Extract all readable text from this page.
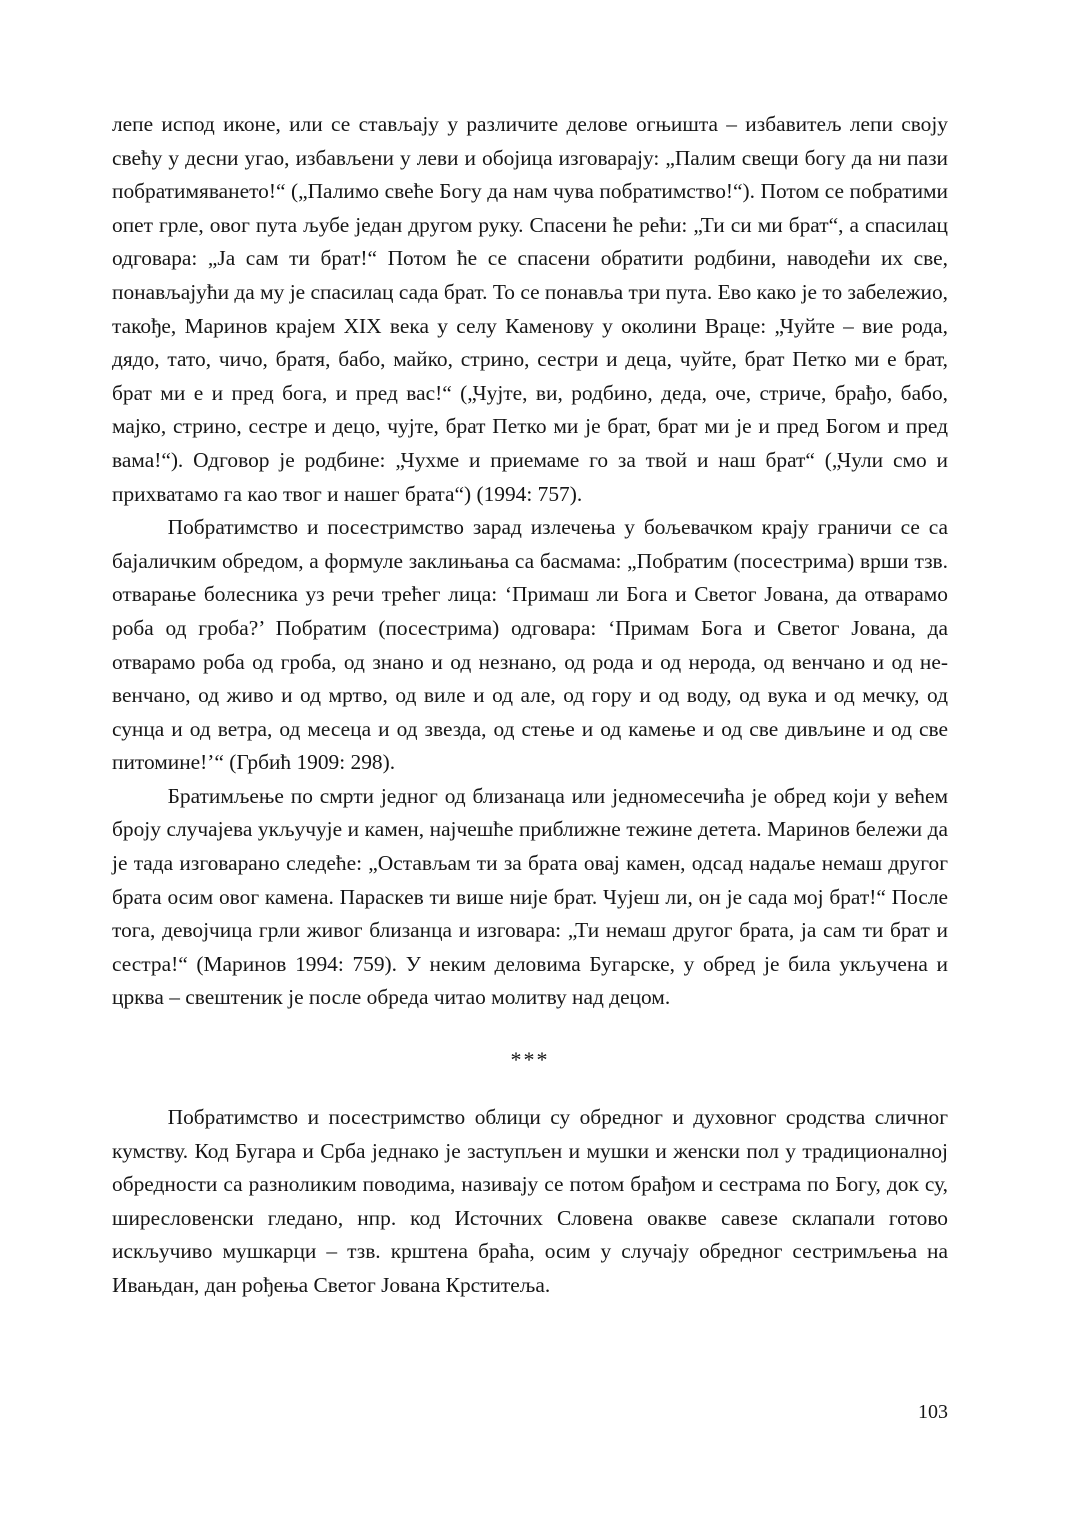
лепе испод иконе, или се стављају у различите делове огњишта – избавитељ лепи своју свећу у десни угао, избављени у леви и обојица изговарају: „Палим свещи богу да ни пази побратимяването!“ („Палимо свеће Богу да нам чува побратимство!“). Потом се побратими опет грле, овог пута љубе један другом руку. Спасени ће рећи: „Ти си ми брат“, а спасилац одговара: „Ја сам ти брат!“ Потом ће се спасени обратити родбини, наводећи их све, понављајући да му је спасилац сада брат. То се понавља три пута. Ево како је то забележио, такође, Маринов крајем XIX века у селу Каменову у околини Враце: „Чуйте – вие рода, дядо, тато, чичо, братя, бабо, майко, стрино, сестри и деца, чуйте, брат Петко ми е брат, брат ми е и пред бога, и пред вас!“ („Чујте, ви, родбино, деда, оче, стриче, брађо, бабо, мајко, стрино, сестре и децо, чујте, брат Петко ми је брат, брат ми је и пред Богом и пред вама!“). Одговор је родбине: „Чухме и приемаме го за твой и наш брат“ („Чули смо и прихватамо га као твог и нашег брата“) (1994: 757).

Побратимство и посестримство зарад излечења у бољевачком крају граничи се са бајаличким обредом, а формуле заклињања са басмама: „Побратим (посестрима) врши тзв. отварање болесника уз речи трећег лица: ‘Примаш ли Бога и Светог Јована, да отварамо роба од гроба?’ Побратим (посестрима) одговара: ‘Примам Бога и Светог Јована, да отварамо роба од гроба, од знано и од незнано, од рода и од нерода, од венчано и од невенчано, од живо и од мртво, од виле и од але, од гору и од воду, од вука и од мечку, од сунца и од ветра, од месеца и од звезда, од стење и од камење и од све дивљине и од све питомине!’“ (Грбић 1909: 298).

Братимљење по смрти једног од близанаца или једномесечића је обред који у већем броју случајева укључује и камен, најчешће приближне тежине детета. Маринов бележи да је тада изговарано следеће: „Остављам ти за брата овај камен, одсад надаље немаш другог брата осим овог камена. Параскев ти више није брат. Чујеш ли, он је сада мој брат!“ После тога, девојчица грли живог близанца и изговара: „Ти немаш другог брата, ја сам ти брат и сестра!“ (Маринов 1994: 759). У неким деловима Бугарске, у обред је била укључена и црква – свештеник је после обреда читао молитву над децом.

***

Побратимство и посестримство облици су обредног и духовног сродства сличног кумству. Код Бугара и Срба једнако је заступљен и мушки и женски пол у традиционалној обредности са разноликим поводима, називају се потом брађом и сестрама по Богу, док су, ширесловенски гледано, нпр. код Источних Словена овакве савезе склапали готово искључиво мушкарци – тзв. крштена браћа, осим у случају обредног сестримљења на Ивањдан, дан рођења Светог Јована Крститеља.

103
